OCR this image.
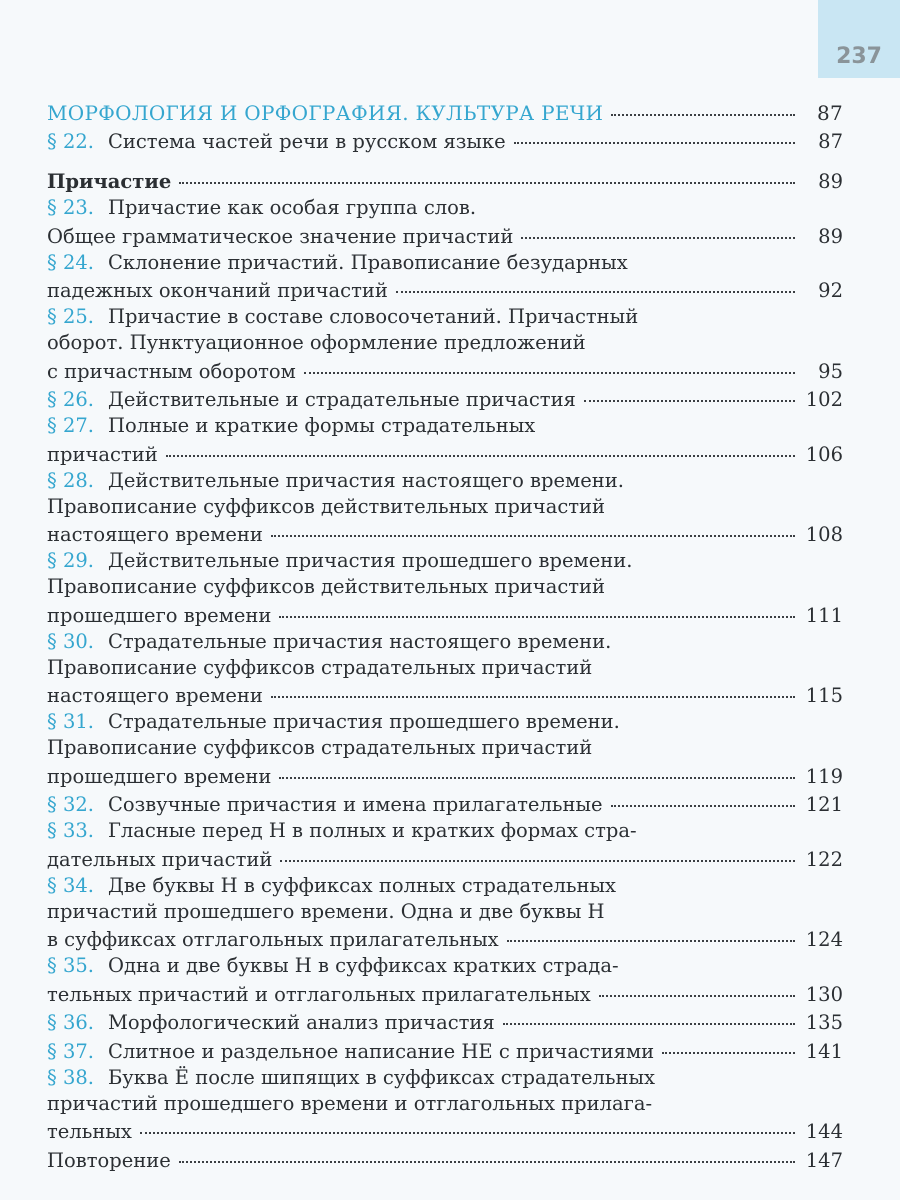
237
МОРФОЛОГИЯ И ОРФОГРАФИЯ. КУЛЬТУРА РЕЧИ	87
§ 22. Система частей речи в русском языке	87
Причастие	89
§ 23. Причастие как особая группа слов.
Общее грамматическое значение причастий	89
§ 24. Склонение причастий. Правописание безударных
падежных окончаний причастий	92
§ 25. Причастие в составе словосочетаний. Причастный
оборот. Пунктуационное оформление предложений
с причастным оборотом	95
§ 26. Действительные и страдательные причастия	102
§ 27. Полные и краткие формы страдательных
причастий	106
§ 28. Действительные причастия настоящего времени.
Правописание суффиксов действительных причастий
настоящего времени	108
§ 29. Действительные причастия прошедшего времени.
Правописание суффиксов действительных причастий
прошедшего времени	111
§ 30. Страдательные причастия настоящего времени.
Правописание суффиксов страдательных причастий
настоящего времени	115
§ 31. Страдательные причастия прошедшего времени.
Правописание суффиксов страдательных причастий
прошедшего времени	119
§ 32. Созвучные причастия и имена прилагательные	121
§ 33. Гласные перед Н в полных и кратких формах стра-
дательных причастий	122
§ 34. Две буквы Н в суффиксах полных страдательных
причастий прошедшего времени. Одна и две буквы Н
в суффиксах отглагольных прилагательных	124
§ 35. Одна и две буквы Н в суффиксах кратких страда-
тельных причастий и отглагольных прилагательных	130
§ 36. Морфологический анализ причастия	135
§ 37. Слитное и раздельное написание НЕ с причастиями	141
§ 38. Буква Ё после шипящих в суффиксах страдательных
причастий прошедшего времени и отглагольных прилага-
тельных	144
Повторение	147
